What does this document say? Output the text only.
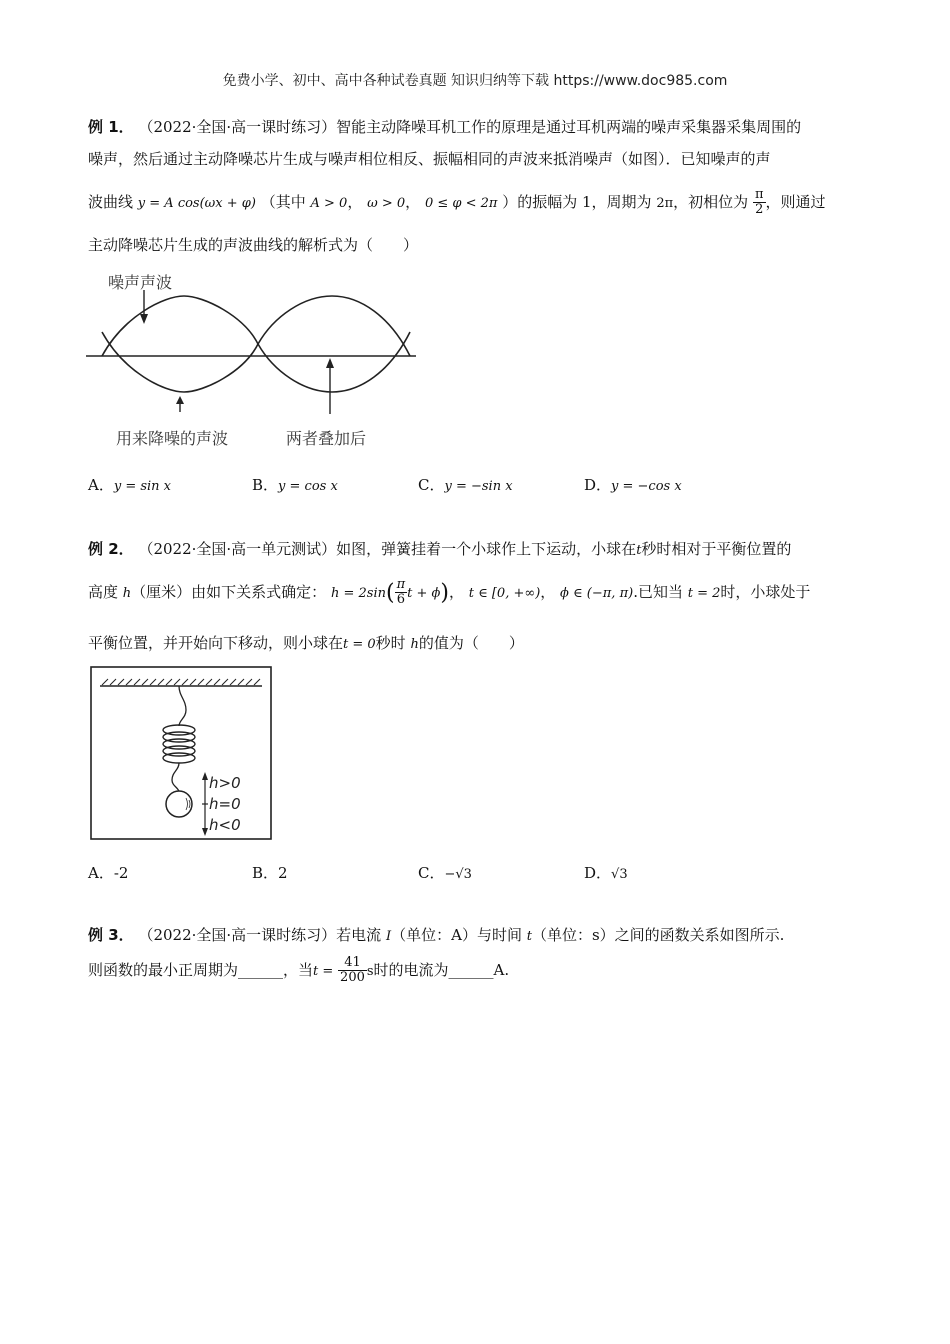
免费小学、初中、高中各种试卷真题 知识归纳等下载 https://www.doc985.com
例 1． （2022·全国·高一课时练习）智能主动降噪耳机工作的原理是通过耳机两端的噪声采集器采集周围的
噪声，然后通过主动降噪芯片生成与噪声相位相反、振幅相同的声波来抵消噪声（如图）．已知噪声的声
波曲线 y = A cos(ωx + φ) （其中 A > 0， ω > 0， 0 ≤ φ < 2π ）的振幅为 1，周期为 2π，初相位为 $\frac{\pi}{2}$ ，则通过
主动降噪芯片生成的声波曲线的解析式为（　　）
噪声声波
用来降噪的声波	两者叠加后
A．y = sin x	B．y = cos x	C．y = −sin x	D．y = −cos x
例 2． （2022·全国·高一单元测试）如图，弹簧挂着一个小球作上下运动，小球在t秒时相对于平衡位置的
高度 h（厘米）由如下关系式确定： $h = 2\sin( \frac{\pi}{6}$ t + ϕ)， t ∈ [0, +∞)， ϕ ∈ (−π, π).已知当 t = 2时，小球处于
平衡位置，并开始向下移动，则小球在t = 0秒时 h的值为（　　）
h>0
h=0
h<0
A．-2	B．2	C．−√3	D．√3
例 3． （2022·全国·高一课时练习）若电流 I（单位：A）与时间 t（单位：s）之间的函数关系如图所示.
则函数的最小正周期为______，当$t = \frac{41}{200}$ s时的电流为______A.
